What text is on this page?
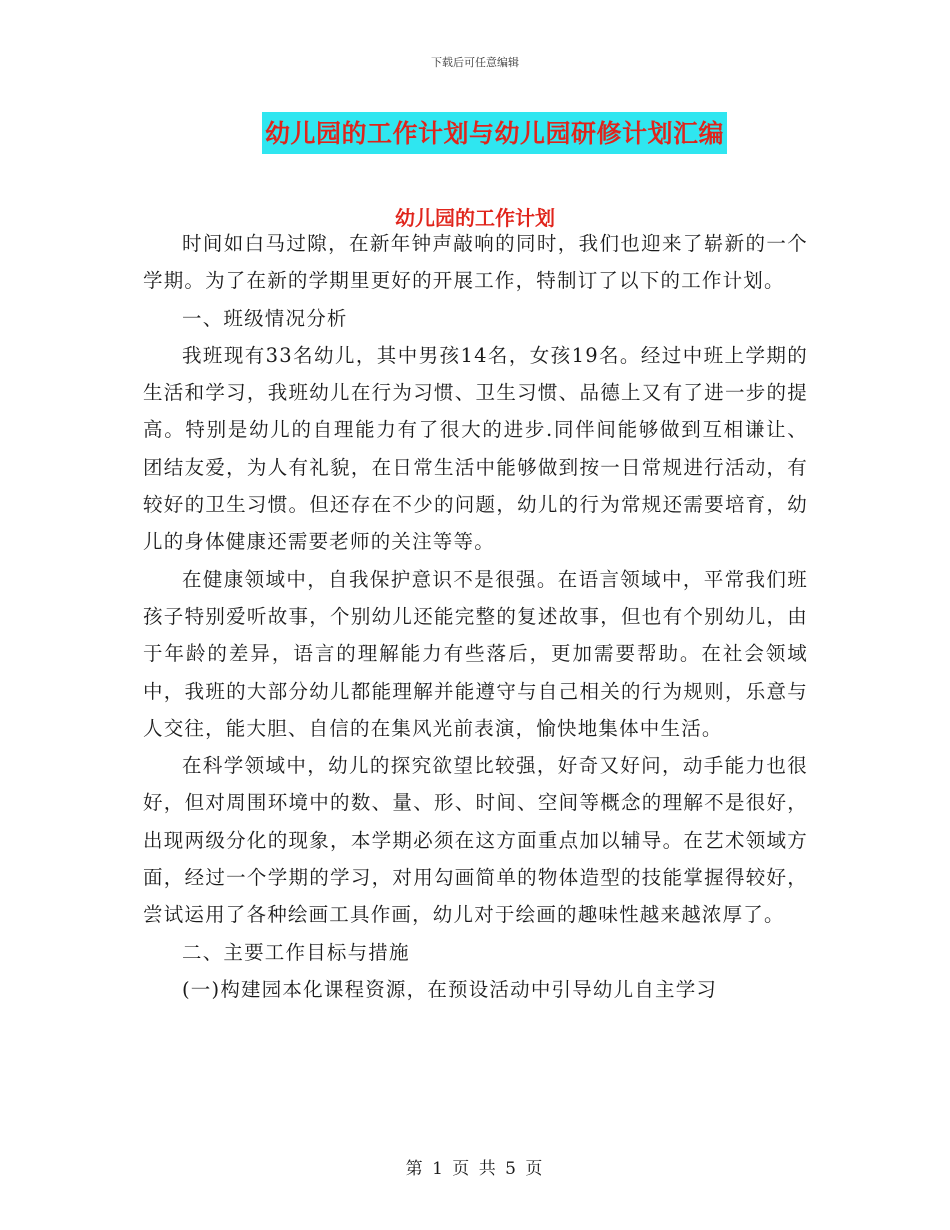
下载后可任意编辑
幼儿园的工作计划与幼儿园研修计划汇编
幼儿园的工作计划

时间如白马过隙，在新年钟声敲响的同时，我们也迎来了崭新的一个学期。为了在新的学期里更好的开展工作，特制订了以下的工作计划。

一、班级情况分析

我班现有33名幼儿，其中男孩14名，女孩19名。经过中班上学期的生活和学习，我班幼儿在行为习惯、卫生习惯、品德上又有了进一步的提高。特别是幼儿的自理能力有了很大的进步.同伴间能够做到互相谦让、团结友爱，为人有礼貌，在日常生活中能够做到按一日常规进行活动，有较好的卫生习惯。但还存在不少的问题，幼儿的行为常规还需要培育，幼儿的身体健康还需要老师的关注等等。

在健康领域中，自我保护意识不是很强。在语言领域中，平常我们班孩子特别爱听故事，个别幼儿还能完整的复述故事，但也有个别幼儿，由于年龄的差异，语言的理解能力有些落后，更加需要帮助。在社会领域中，我班的大部分幼儿都能理解并能遵守与自己相关的行为规则，乐意与人交往，能大胆、自信的在集风光前表演，愉快地集体中生活。

在科学领域中，幼儿的探究欲望比较强，好奇又好问，动手能力也很好，但对周围环境中的数、量、形、时间、空间等概念的理解不是很好，出现两级分化的现象，本学期必须在这方面重点加以辅导。在艺术领域方面，经过一个学期的学习，对用勾画简单的物体造型的技能掌握得较好，尝试运用了各种绘画工具作画，幼儿对于绘画的趣味性越来越浓厚了。

二、主要工作目标与措施

(一)构建园本化课程资源，在预设活动中引导幼儿自主学习

第 1 页 共 5 页
